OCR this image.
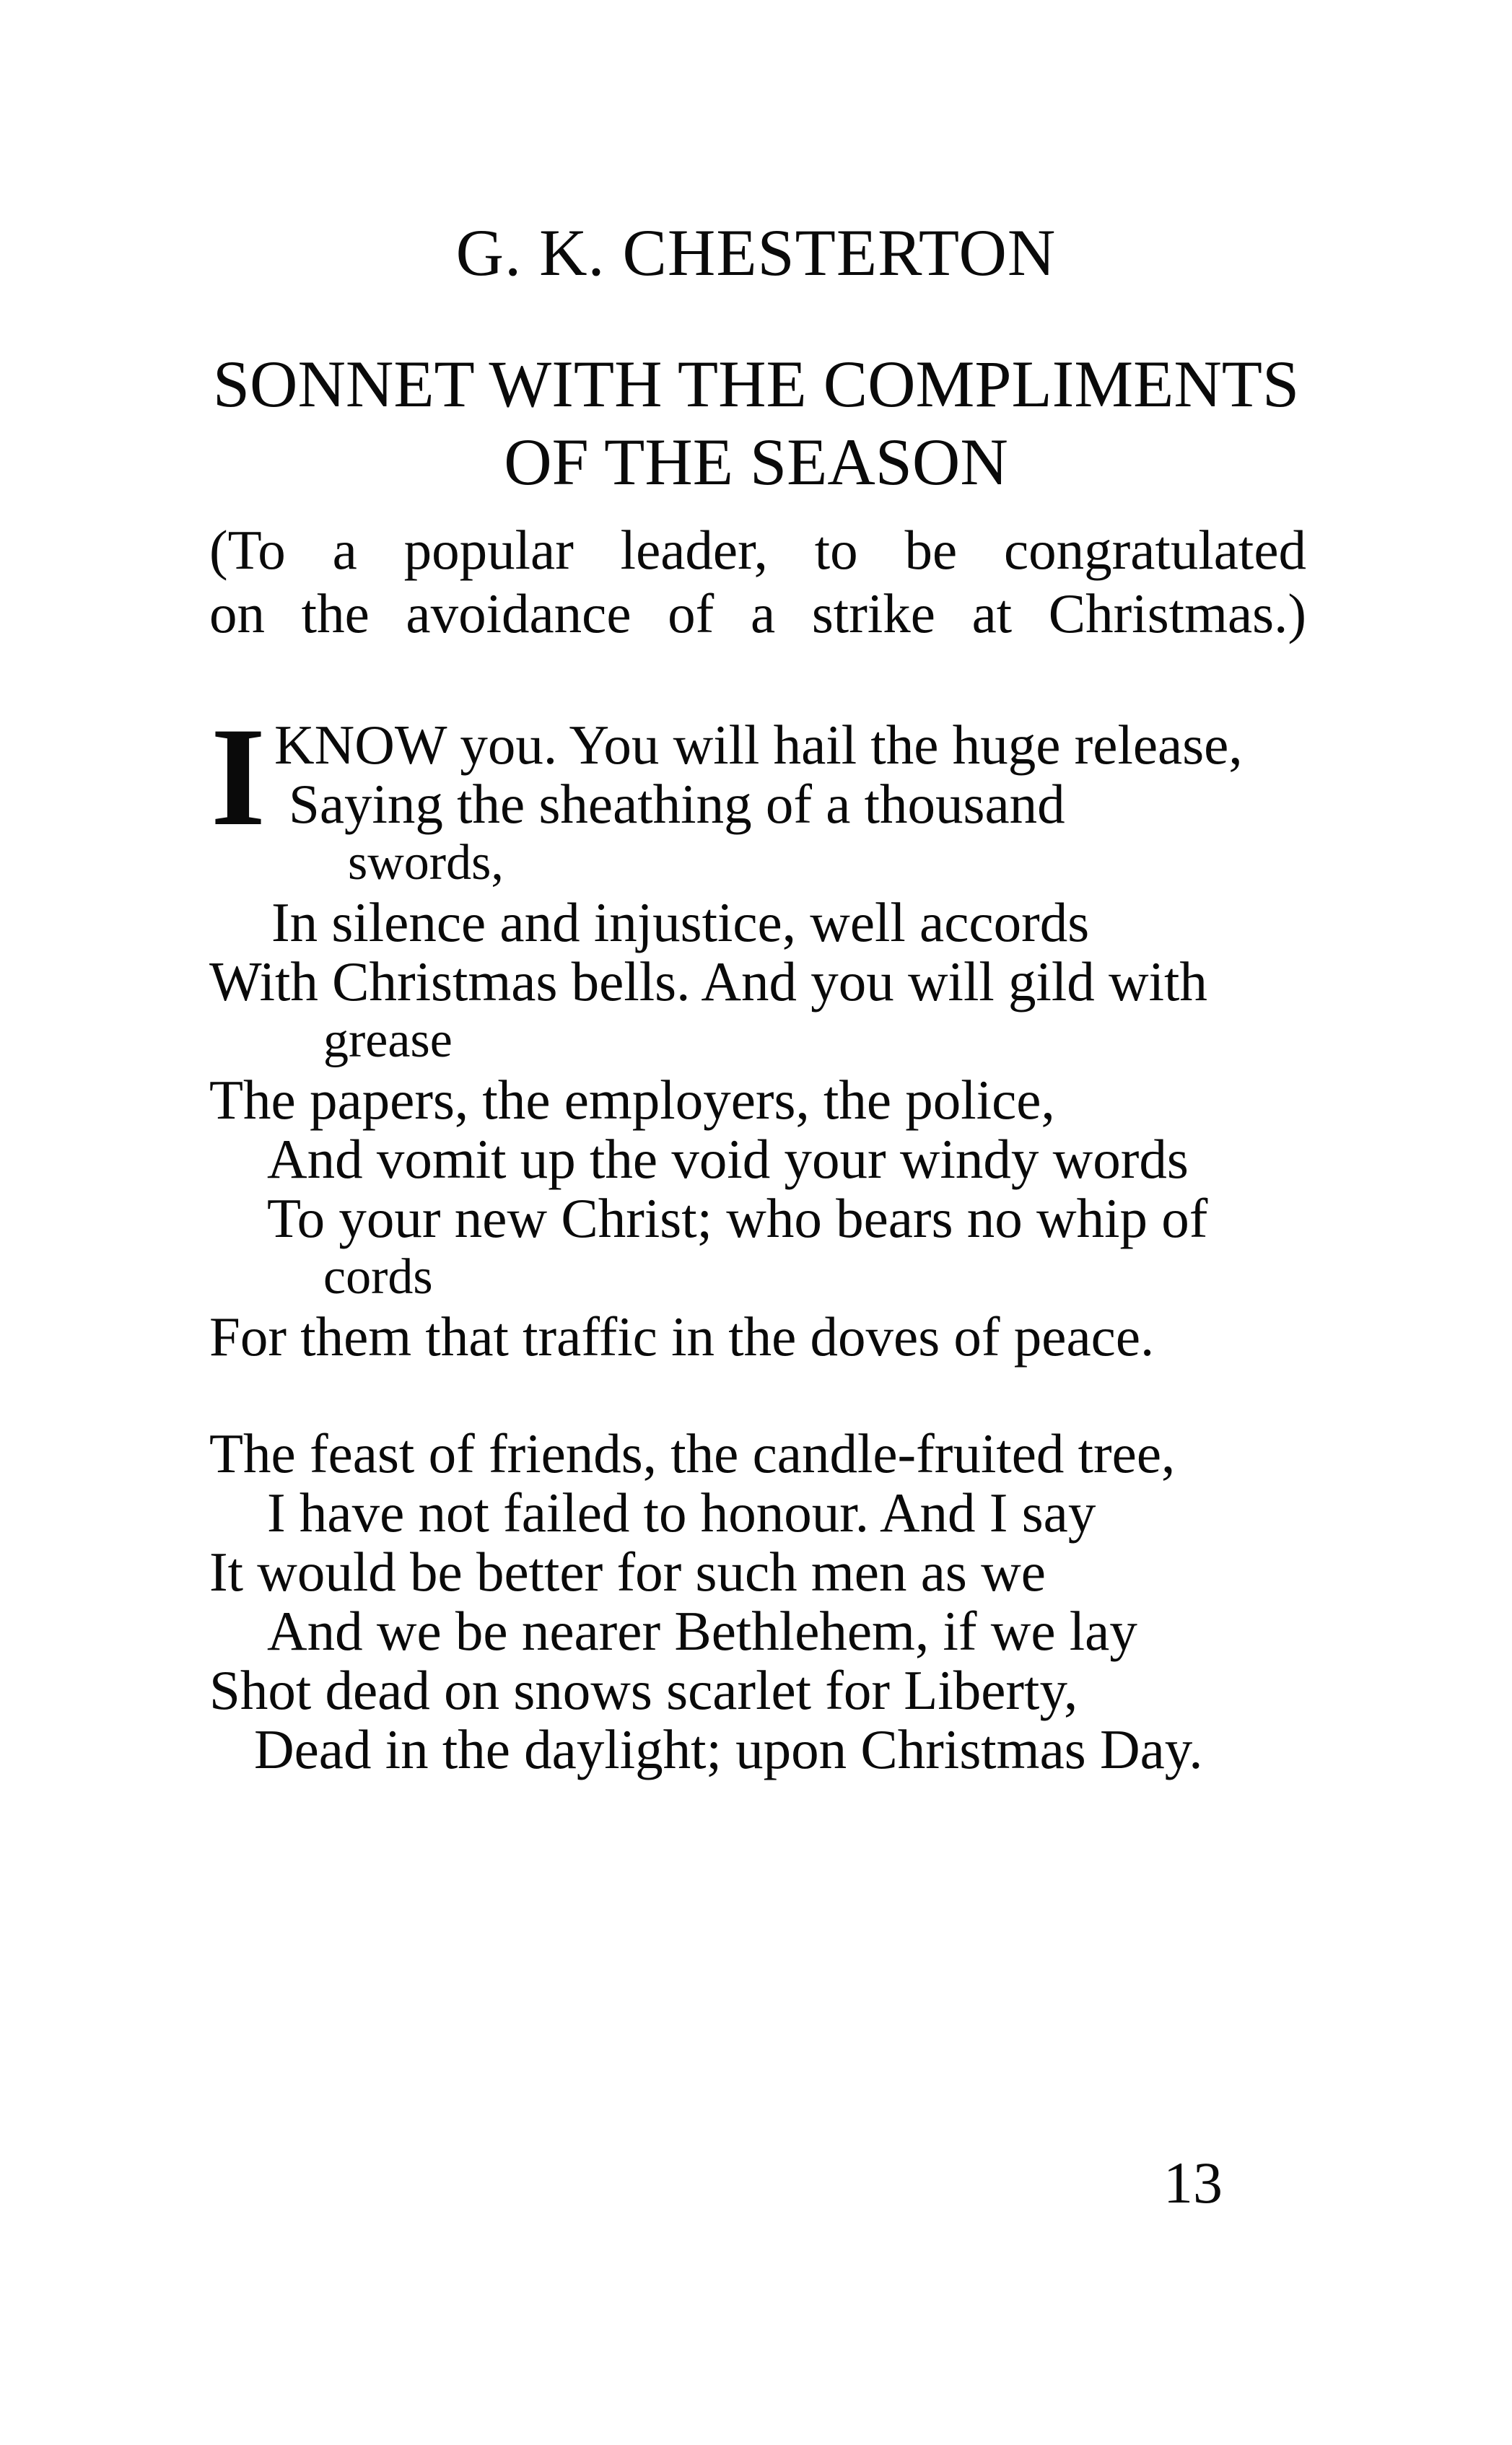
G. K. CHESTERTON
SONNET WITH THE COMPLIMENTS
OF THE SEASON

(To a popular leader, to be congratulated
on the avoidance of a strike at Christmas.)

I KNOW you. You will hail the huge release,
Saying the sheathing of a thousand
swords,
In silence and injustice, well accords
With Christmas bells. And you will gild with
grease
The papers, the employers, the police,
And vomit up the void your windy words
To your new Christ; who bears no whip of
cords
For them that traffic in the doves of peace.
The feast of friends, the candle-fruited tree,
I have not failed to honour. And I say
It would be better for such men as we
And we be nearer Bethlehem, if we lay
Shot dead on snows scarlet for Liberty,
Dead in the daylight; upon Christmas Day.

13
